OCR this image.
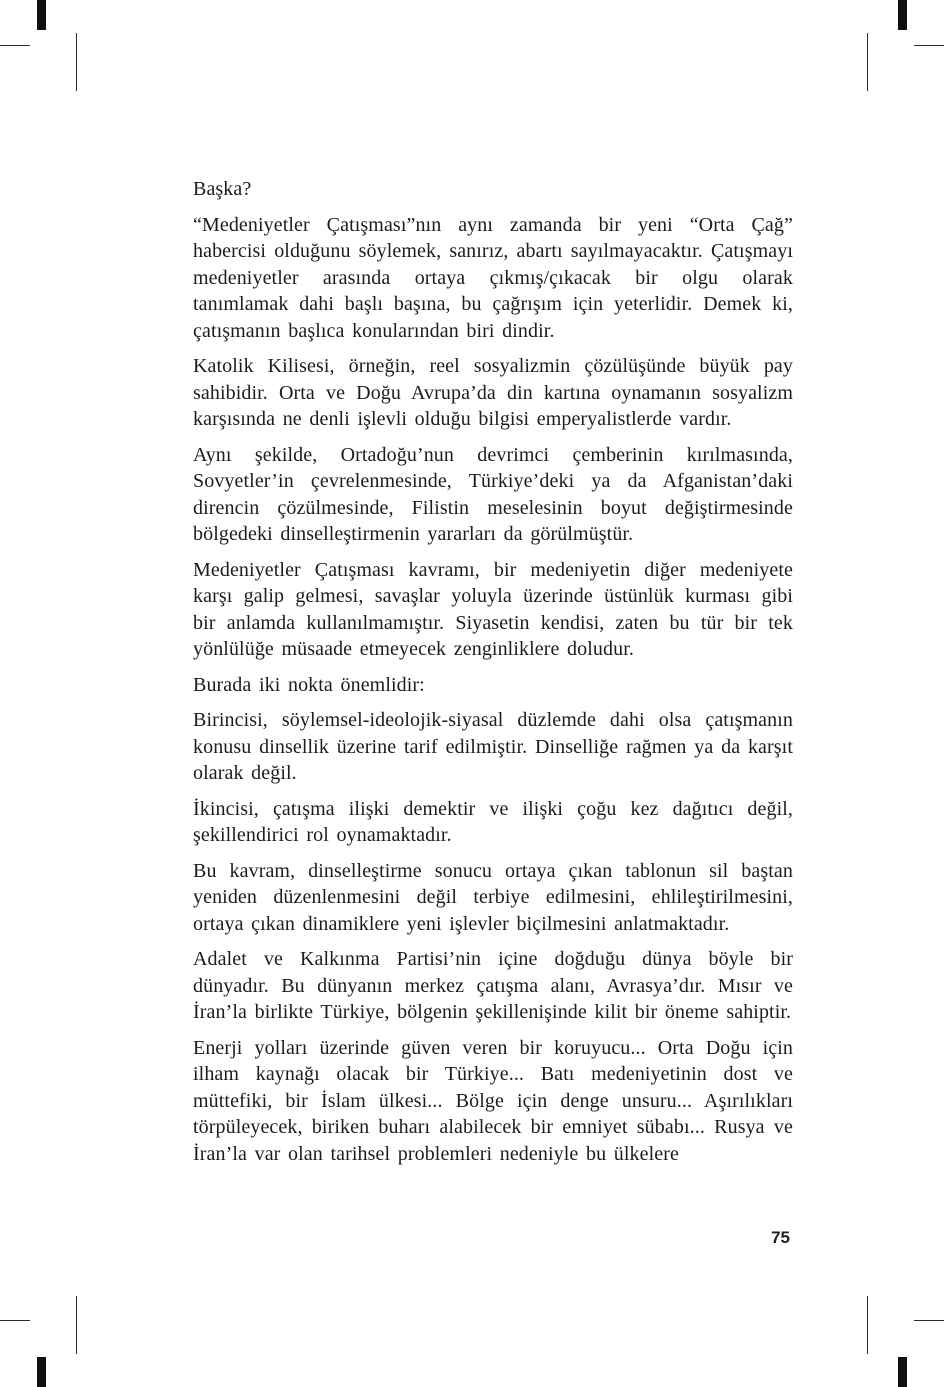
Başka?

“Medeniyetler Çatışması”nın aynı zamanda bir yeni “Orta Çağ” habercisi olduğunu söylemek, sanırız, abartı sayılmayacaktır. Çatışmayı medeniyetler arasında ortaya çıkmış/çıkacak bir olgu olarak tanımlamak dahi başlı başına, bu çağrışım için yeterlidir. Demek ki, çatışmanın başlıca konularından biri dindir.

Katolik Kilisesi, örneğin, reel sosyalizmin çözülüşünde büyük pay sahibidir. Orta ve Doğu Avrupa’da din kartına oynamanın sosyalizm karşısında ne denli işlevli olduğu bilgisi emperyalistlerde vardır.

Aynı şekilde, Ortadoğu’nun devrimci çemberinin kırılmasında, Sovyetler’in çevrelenmesinde, Türkiye’deki ya da Afganistan’daki direncin çözülmesinde, Filistin meselesinin boyut değiştirmesinde bölgedeki dinselleştirmenin yararları da görülmüştür.

Medeniyetler Çatışması kavramı, bir medeniyetin diğer medeniyete karşı galip gelmesi, savaşlar yoluyla üzerinde üstünlük kurması gibi bir anlamda kullanılmamıştır. Siyasetin kendisi, zaten bu tür bir tek yönlülüğe müsaade etmeyecek zenginliklere doludur.

Burada iki nokta önemlidir:

Birincisi, söylemsel-ideolojik-siyasal düzlemde dahi olsa çatışmanın konusu dinsellik üzerine tarif edilmiştir. Dinselliğe rağmen ya da karşıt olarak değil.

İkincisi, çatışma ilişki demektir ve ilişki çoğu kez dağıtıcı değil, şekillendirici rol oynamaktadır.

Bu kavram, dinselleştirme sonucu ortaya çıkan tablonun sil baştan yeniden düzenlenmesini değil terbiye edilmesini, ehlileştirilmesini, ortaya çıkan dinamiklere yeni işlevler biçilmesini anlatmaktadır.

Adalet ve Kalkınma Partisi’nin içine doğduğu dünya böyle bir dünyadır. Bu dünyanın merkez çatışma alanı, Avrasya’dır. Mısır ve İran’la birlikte Türkiye, bölgenin şekillenişinde kilit bir öneme sahiptir.

Enerji yolları üzerinde güven veren bir koruyucu... Orta Doğu için ilham kaynağı olacak bir Türkiye... Batı medeniyetinin dost ve müttefiki, bir İslam ülkesi... Bölge için denge unsuru... Aşırılıkları törpüleyecek, biriken buharı alabilecek bir emniyet sübabı... Rusya ve İran’la var olan tarihsel problemleri nedeniyle bu ülkelere

75
